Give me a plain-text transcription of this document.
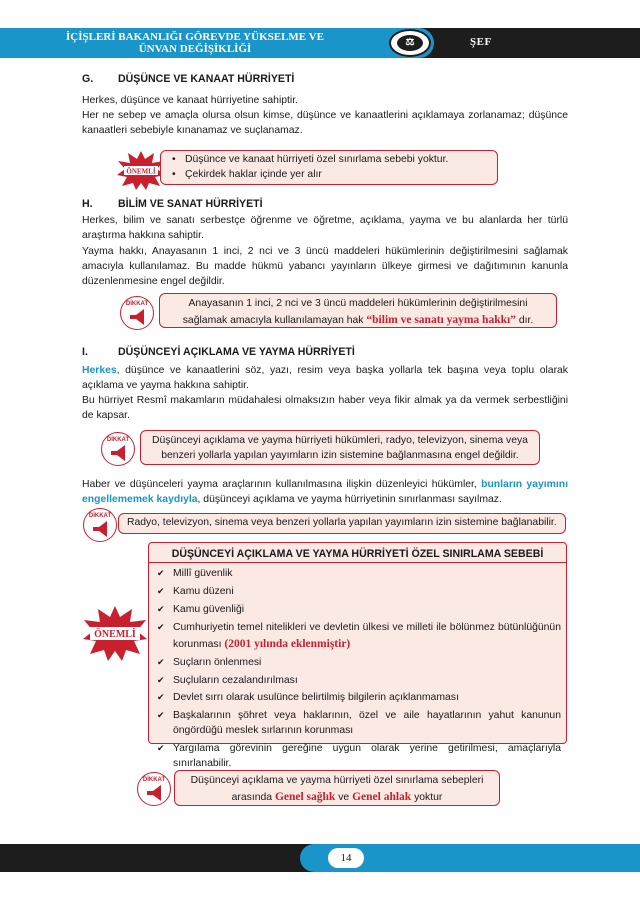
İÇİŞLERİ BAKANLIĞI GÖREVDE YÜKSELME VE
ÜNVAN DEĞİŞİKLİĞİ
⚖	ŞEF
G. DÜŞÜNCE VE KANAAT HÜRRİYETİ
Herkes, düşünce ve kanaat hürriyetine sahiptir.
Her ne sebep ve amaçla olursa olsun kimse, düşünce ve kanaatlerini açıklamaya zorlanamaz; düşünce kanaatleri sebebiyle kınanamaz ve suçlanamaz.
ÖNEMLİ
• Düşünce ve kanaat hürriyeti özel sınırlama sebebi yoktur.
• Çekirdek haklar içinde yer alır
H. BİLİM VE SANAT HÜRRİYETİ
Herkes, bilim ve sanatı serbestçe öğrenme ve öğretme, açıklama, yayma ve bu alanlarda her türlü araştırma hakkına sahiptir.
Yayma hakkı, Anayasanın 1 inci, 2 nci ve 3 üncü maddeleri hükümlerinin değiştirilmesini sağlamak amacıyla kullanılamaz. Bu madde hükmü yabancı yayınların ülkeye girmesi ve dağıtımının kanunla düzenlenmesine engel değildir.
DİKKAT	Anayasanın 1 inci, 2 nci ve 3 üncü maddeleri hükümlerinin değiştirilmesini sağlamak amacıyla kullanılamayan hak “bilim ve sanatı yayma hakkı” dır.
I.	DÜŞÜNCEYİ AÇIKLAMA VE YAYMA HÜRRİYETİ
Herkes, düşünce ve kanaatlerini söz, yazı, resim veya başka yollarla tek başına veya toplu olarak açıklama ve yayma hakkına sahiptir.
Bu hürriyet Resmî makamların müdahalesi olmaksızın haber veya fikir almak ya da vermek serbestliğini de kapsar.
DİKKAT	Düşünceyi açıklama ve yayma hürriyeti hükümleri, radyo, televizyon, sinema veya benzeri yollarla yapılan yayımların izin sistemine bağlanmasına engel değildir.
Haber ve düşünceleri yayma araçlarının kullanılmasına ilişkin düzenleyici hükümler, bunların yayımını engellememek kaydıyla, düşünceyi açıklama ve yayma hürriyetinin sınırlanması sayılmaz.
DİKKAT
Radyo, televizyon, sinema veya benzeri yollarla yapılan yayımların izin sistemine bağlanabilir.
ÖNEMLİ
DÜŞÜNCEYİ AÇIKLAMA VE YAYMA HÜRRİYETİ ÖZEL SINIRLAMA SEBEBİ
✔ Millî güvenlik
✔ Kamu düzeni
✔ Kamu güvenliği
✔ Cumhuriyetin temel nitelikleri ve devletin ülkesi ve milleti ile bölünmez bütünlüğünün korunması (2001 yılında eklenmiştir)
✔ Suçların önlenmesi
✔ Suçluların cezalandırılması
✔ Devlet sırrı olarak usulünce belirtilmiş bilgilerin açıklanmaması
✔ Başkalarının şöhret veya haklarının, özel ve aile hayatlarının yahut kanunun öngördüğü meslek sırlarının korunması
✔ Yargılama görevinin gereğine uygun olarak yerine getirilmesi, amaçlarıyla sınırlanabilir.
DİKKAT	Düşünceyi açıklama ve yayma hürriyeti özel sınırlama sebepleri
arasında Genel sağlık ve Genel ahlak yoktur
14
